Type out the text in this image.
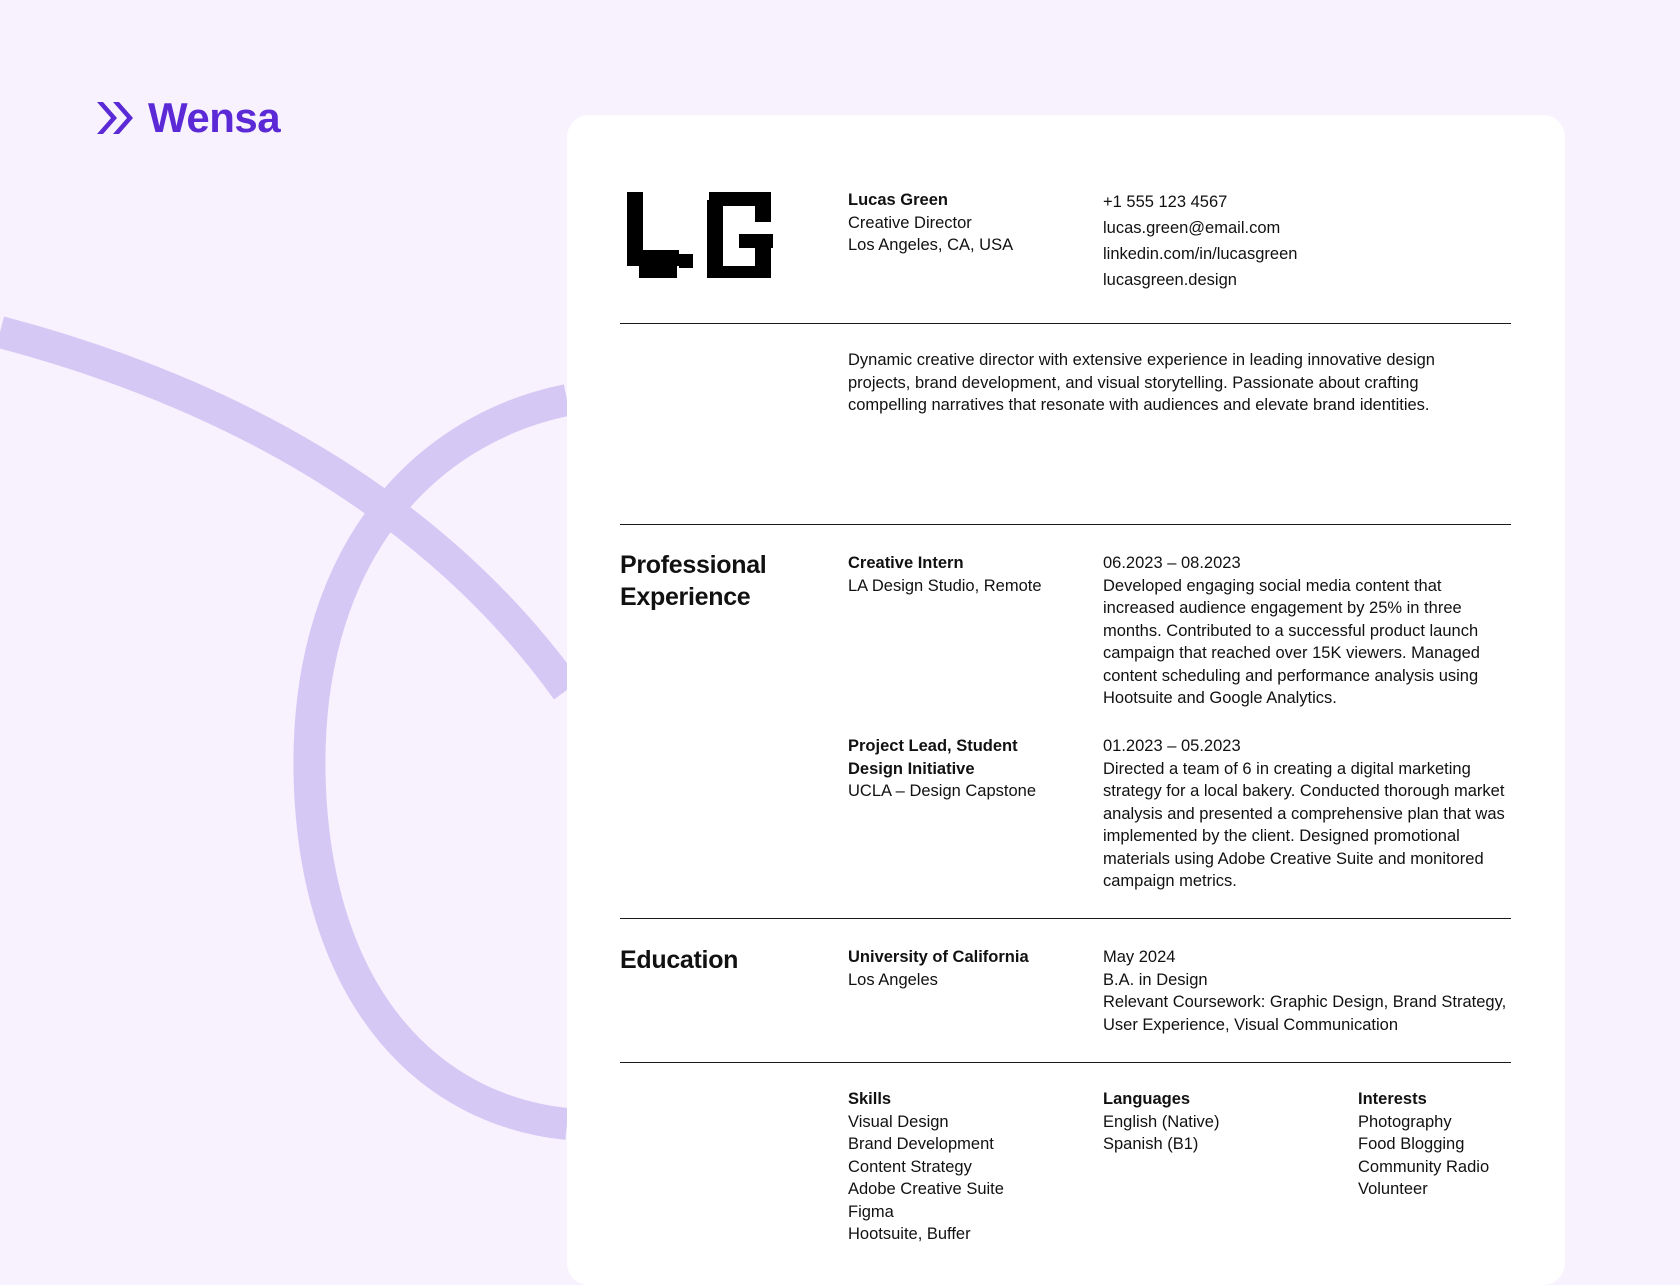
Wensa
Lucas Green
Creative Director
Los Angeles, CA, USA
+1 555 123 4567
lucas.green@email.com
linkedin.com/in/lucasgreen
lucasgreen.design
Dynamic creative director with extensive experience in leading innovative design projects, brand development, and visual storytelling. Passionate about crafting compelling narratives that resonate with audiences and elevate brand identities.
Professional Experience
Creative Intern
LA Design Studio, Remote
06.2023 – 08.2023
Developed engaging social media content that increased audience engagement by 25% in three months. Contributed to a successful product launch campaign that reached over 15K viewers. Managed content scheduling and performance analysis using Hootsuite and Google Analytics.
Project Lead, Student Design Initiative
UCLA – Design Capstone
01.2023 – 05.2023
Directed a team of 6 in creating a digital marketing strategy for a local bakery. Conducted thorough market analysis and presented a comprehensive plan that was implemented by the client. Designed promotional materials using Adobe Creative Suite and monitored campaign metrics.
Education	University of California
Los Angeles
May 2024
B.A. in Design
Relevant Coursework: Graphic Design, Brand Strategy, User Experience, Visual Communication
Skills
Visual Design
Brand Development
Content Strategy
Adobe Creative Suite
Figma
Hootsuite, Buffer
Languages
English (Native)
Spanish (B1)
Interests
Photography
Food Blogging
Community Radio
Volunteer
